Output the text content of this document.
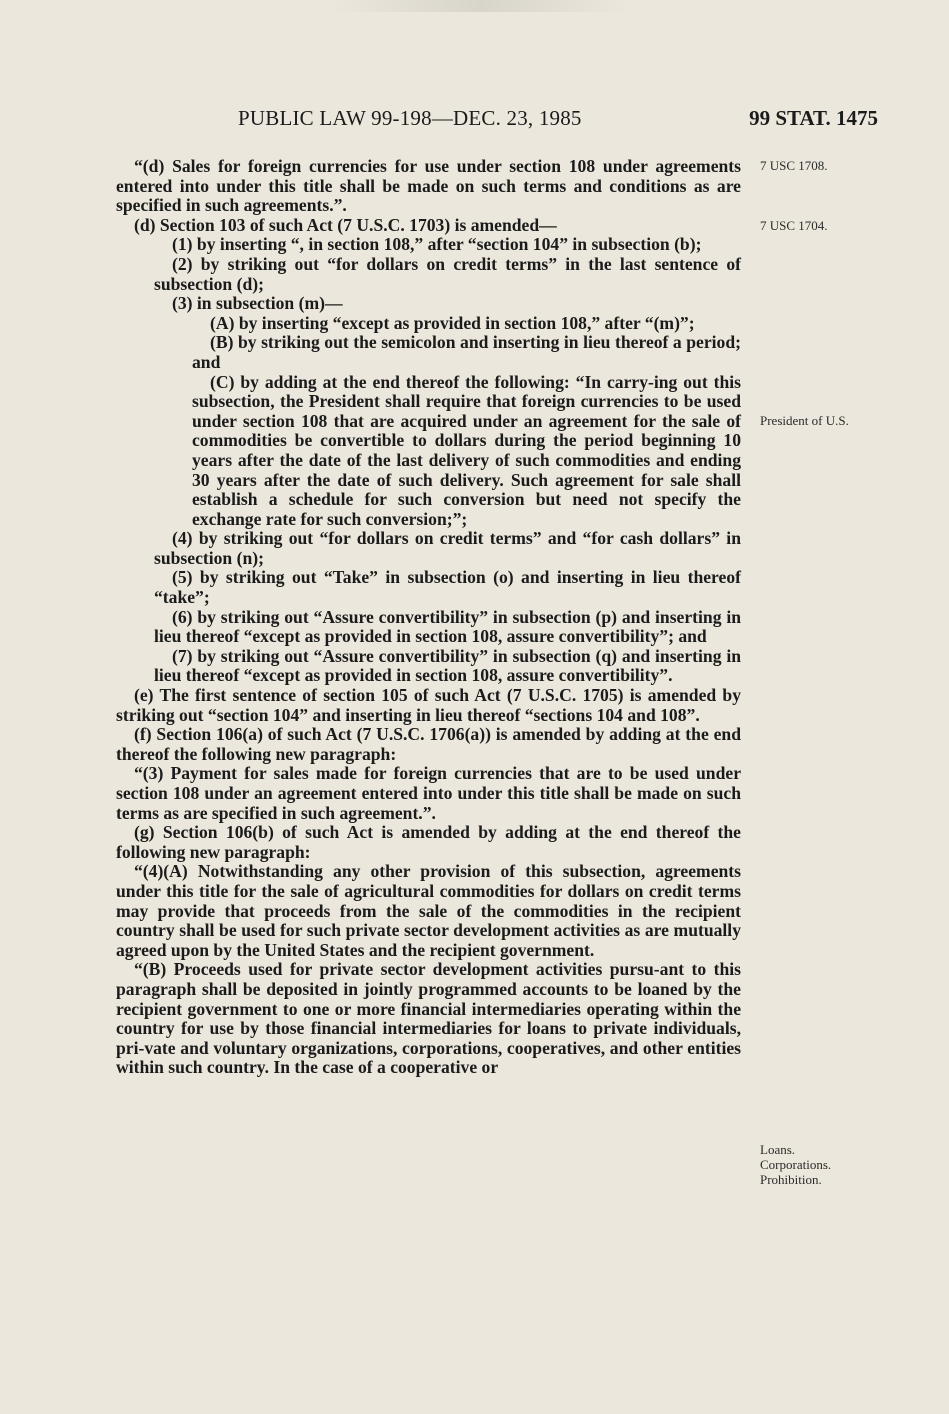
PUBLIC LAW 99-198—DEC. 23, 1985	99 STAT. 1475

“(d) Sales for foreign currencies for use under section 108 under agreements entered into under this title shall be made on such terms and conditions as are specified in such agreements.”.

(d) Section 103 of such Act (7 U.S.C. 1703) is amended—

(1) by inserting “, in section 108,” after “section 104” in subsection (b);

(2) by striking out “for dollars on credit terms” in the last sentence of subsection (d);

(3) in subsection (m)—

(A) by inserting “except as provided in section 108,” after “(m)”;

(B) by striking out the semicolon and inserting in lieu thereof a period; and

(C) by adding at the end thereof the following: “In carry-ing out this subsection, the President shall require that foreign currencies to be used under section 108 that are acquired under an agreement for the sale of commodities be convertible to dollars during the period beginning 10 years after the date of the last delivery of such commodities and ending 30 years after the date of such delivery. Such agreement for sale shall establish a schedule for such conversion but need not specify the exchange rate for such conversion;”;

(4) by striking out “for dollars on credit terms” and “for cash dollars” in subsection (n);

(5) by striking out “Take” in subsection (o) and inserting in lieu thereof “take”;

(6) by striking out “Assure convertibility” in subsection (p) and inserting in lieu thereof “except as provided in section 108, assure convertibility”; and

(7) by striking out “Assure convertibility” in subsection (q) and inserting in lieu thereof “except as provided in section 108, assure convertibility”.

(e) The first sentence of section 105 of such Act (7 U.S.C. 1705) is amended by striking out “section 104” and inserting in lieu thereof “sections 104 and 108”.

(f) Section 106(a) of such Act (7 U.S.C. 1706(a)) is amended by adding at the end thereof the following new paragraph:

“(3) Payment for sales made for foreign currencies that are to be used under section 108 under an agreement entered into under this title shall be made on such terms as are specified in such agreement.”.

(g) Section 106(b) of such Act is amended by adding at the end thereof the following new paragraph:

“(4)(A) Notwithstanding any other provision of this subsection, agreements under this title for the sale of agricultural commodities for dollars on credit terms may provide that proceeds from the sale of the commodities in the recipient country shall be used for such private sector development activities as are mutually agreed upon by the United States and the recipient government.

“(B) Proceeds used for private sector development activities pursu-ant to this paragraph shall be deposited in jointly programmed accounts to be loaned by the recipient government to one or more financial intermediaries operating within the country for use by those financial intermediaries for loans to private individuals, pri-vate and voluntary organizations, corporations, cooperatives, and other entities within such country. In the case of a cooperative or

7 USC 1708.
7 USC 1704.
President of U.S.
Loans.
Corporations.
Prohibition.
